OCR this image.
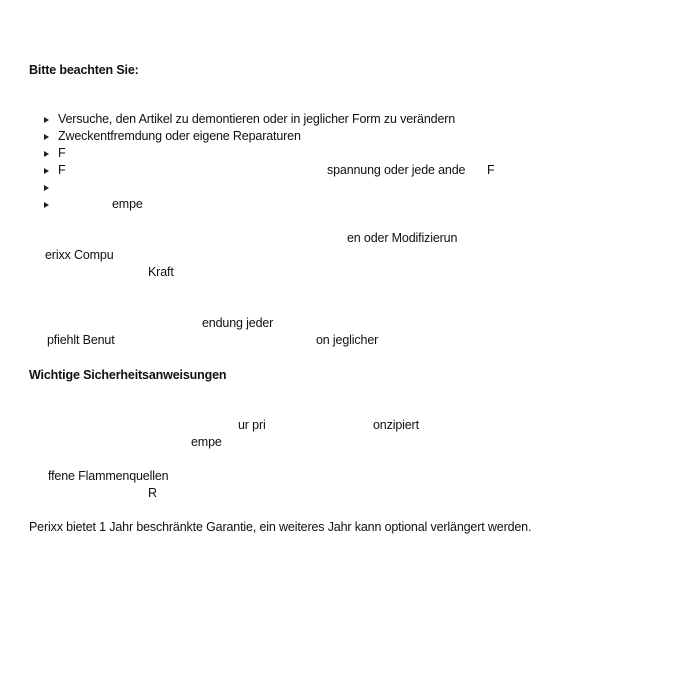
Bitte beachten Sie:
Versuche, den Artikel zu demontieren oder in jeglicher Form zu verändern
Zweckentfremdung oder eigene Reparaturen
F
F	spannung oder jede ande F
empe
en oder Modifizierun
erixx Compu
Kraft
endung jeder
pfiehlt Benut	on jeglicher
Wichtige Sicherheitsanweisungen
ur pri	onzipiert
empe
ffene Flammenquellen
R
Perixx bietet 1 Jahr beschränkte Garantie, ein weiteres Jahr kann optional verlängert werden.
